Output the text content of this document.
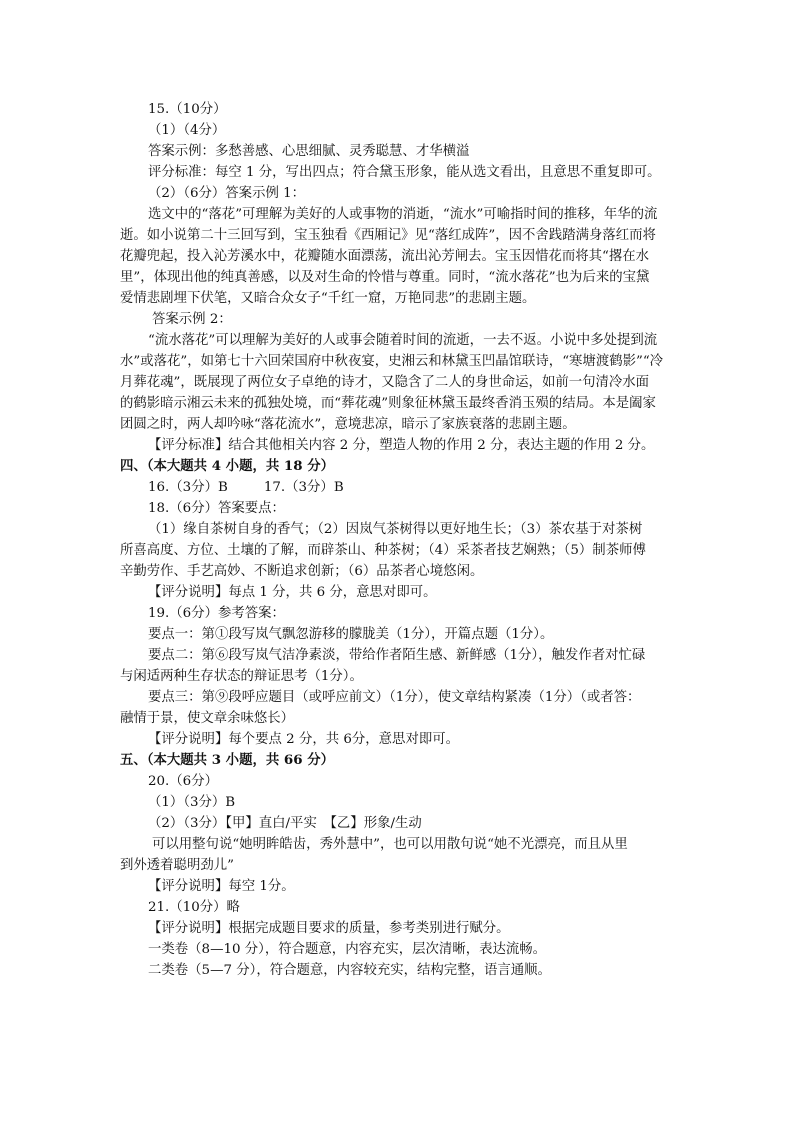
15.（10分）
（1）（4分）
答案示例：多愁善感、心思细腻、灵秀聪慧、才华横溢
评分标准：每空 1 分，写出四点；符合黛玉形象，能从选文看出，且意思不重复即可。
（2）（6分）答案示例 1：
选文中的“落花”可理解为美好的人或事物的消逝，“流水”可喻指时间的推移，年华的流
逝。如小说第二十三回写到，宝玉独看《西厢记》见“落红成阵”，因不舍践踏满身落红而将
花瓣兜起，投入沁芳溪水中，花瓣随水面漂荡，流出沁芳闸去。宝玉因惜花而将其“撂在水
里”，体现出他的纯真善感，以及对生命的怜惜与尊重。同时，“流水落花”也为后来的宝黛
爱情悲剧埋下伏笔，又暗合众女子“千红一窟，万艳同悲”的悲剧主题。
答案示例 2：
“流水落花”可以理解为美好的人或事会随着时间的流逝，一去不返。小说中多处提到流
水”或落花”，如第七十六回荣国府中秋夜宴，史湘云和林黛玉凹晶馆联诗，“寒塘渡鹤影”“冷
月葬花魂”，既展现了两位女子卓绝的诗才，又隐含了二人的身世命运，如前一句清冷水面
的鹤影暗示湘云未来的孤独处境，而“葬花魂”则象征林黛玉最终香消玉殒的结局。本是阖家
团圆之时，两人却吟咏“落花流水”，意境悲凉，暗示了家族衰落的悲剧主题。
【评分标准】结合其他相关内容 2 分，塑造人物的作用 2 分，表达主题的作用 2 分。
四、（本大题共 4 小题，共 18 分）
16.（3分）B	17.（3分）B
18.（6分）答案要点：
（1）缘自茶树自身的香气；（2）因岚气茶树得以更好地生长；（3）茶农基于对茶树
所喜高度、方位、土壤的了解，而辟茶山、种茶树；（4）采茶者技艺娴熟；（5）制茶师傅
辛勤劳作、手艺高妙、不断追求创新；（6）品茶者心境悠闲。
【评分说明】每点 1 分，共 6 分，意思对即可。
19.（6分）参考答案：
要点一：第①段写岚气飘忽游移的朦胧美（1分），开篇点题（1分）。
要点二：第⑥段写岚气洁净素淡，带给作者陌生感、新鲜感（1分），触发作者对忙碌
与闲适两种生存状态的辩证思考（1分）。
要点三：第⑨段呼应题目（或呼应前文）（1分），使文章结构紧凑（1分）（或者答：
融情于景，使文章余味悠长）
【评分说明】每个要点 2 分，共 6分，意思对即可。
五、（本大题共 3 小题，共 66 分）
20.（6分）
（1）（3分）B
（2）（3分）【甲】直白/平实　【乙】形象/生动
可以用整句说“她明眸皓齿，秀外慧中”，也可以用散句说“她不光漂亮，而且从里
到外透着聪明劲儿”
【评分说明】每空 1分。
21.（10分）略
【评分说明】根据完成题目要求的质量，参考类别进行赋分。
一类卷（8—10 分），符合题意，内容充实，层次清晰，表达流畅。
二类卷（5—7 分），符合题意，内容较充实，结构完整，语言通顺。
